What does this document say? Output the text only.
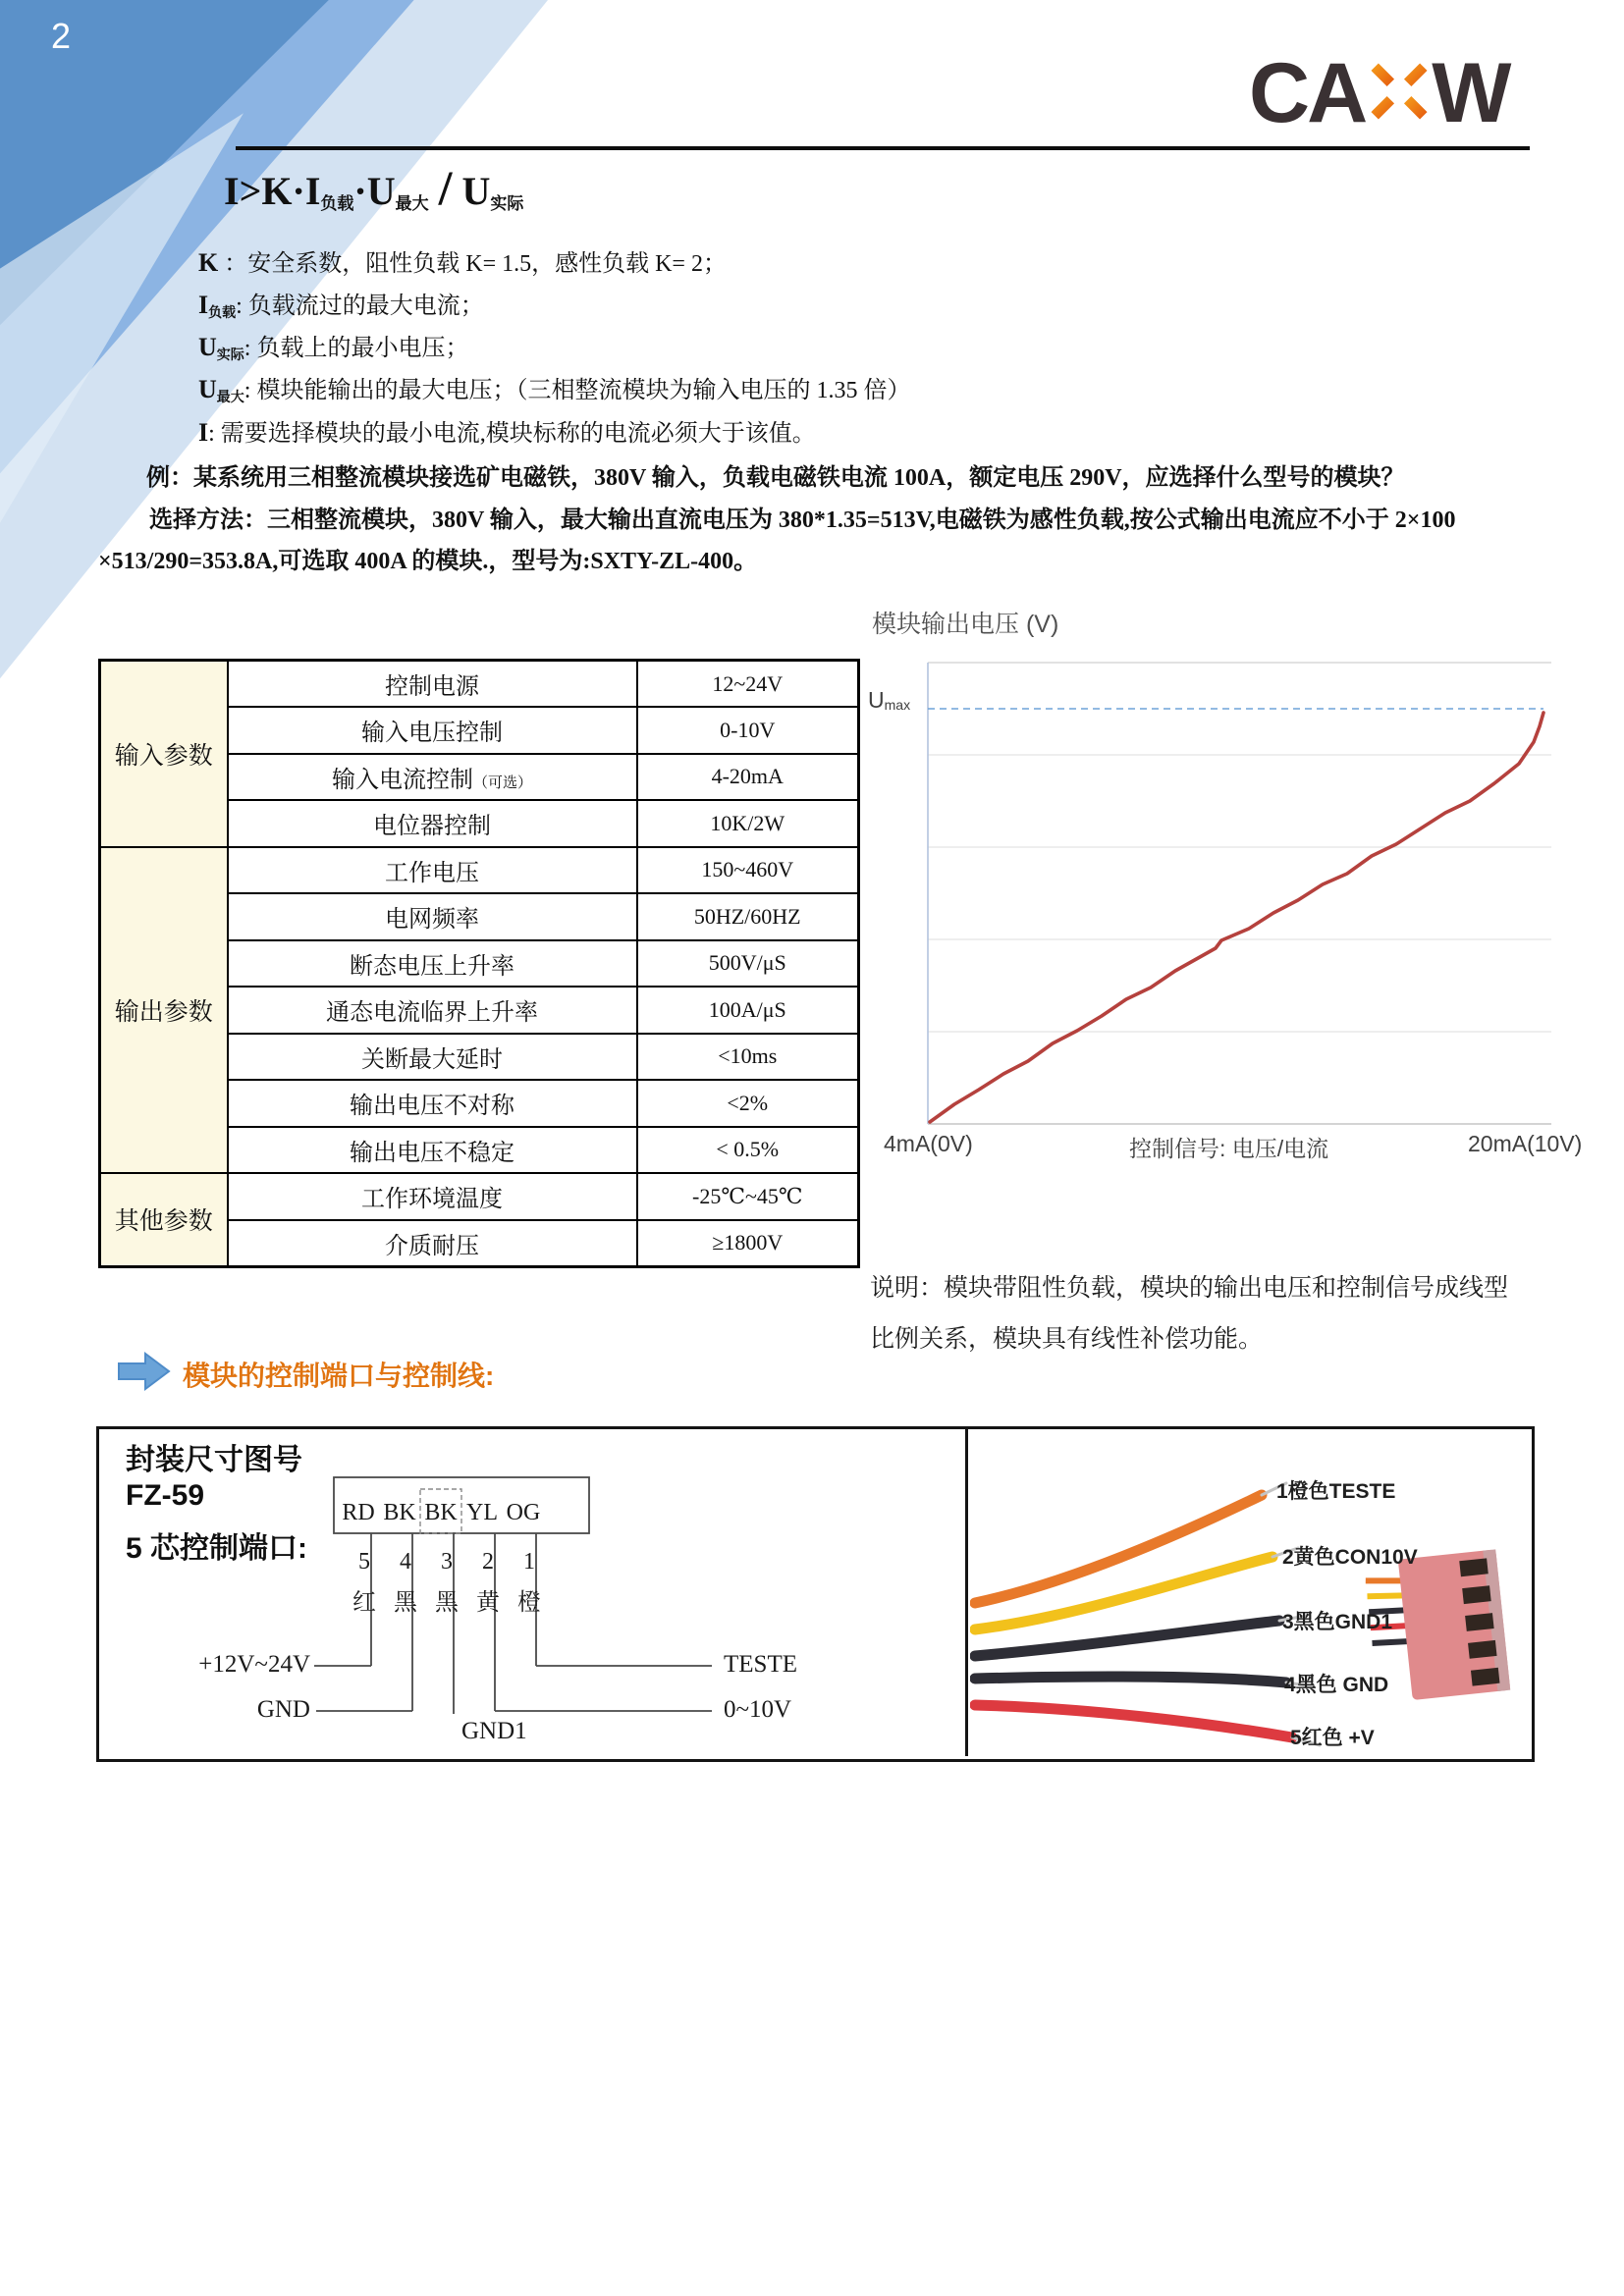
2
CA W
I>K·I负载·U最大 / U实际
K ：安全系数，阻性负载 K= 1.5，感性负载 K= 2；
I负载: 负载流过的最大电流；
U实际: 负载上的最小电压；
U最大: 模块能输出的最大电压；（三相整流模块为输入电压的 1.35 倍）
I: 需要选择模块的最小电流,模块标称的电流必须大于该值。
例：某系统用三相整流模块接选矿电磁铁，380V 输入，负载电磁铁电流 100A，额定电压 290V，应选择什么型号的模块？
选择方法：三相整流模块，380V 输入，最大输出直流电压为 380*1.35=513V,电磁铁为感性负载,按公式输出电流应不小于 2×100
×513/290=353.8A,可选取 400A 的模块.，型号为:SXTY-ZL-400。
输入参数	控制电源	12~24V
	输入电压控制	0-10V
	输入电流控制（可选）	4-20mA
	电位器控制	10K/2W
输出参数	工作电压	150~460V
	电网频率	50HZ/60HZ
	断态电压上升率	500V/μS
	通态电流临界上升率	100A/μS
	关断最大延时	<10ms
	输出电压不对称	<2%
	输出电压不稳定	< 0.5%
其他参数	工作环境温度	-25℃~45℃
	介质耐压	≥1800V
模块输出电压 (V)
Umax
4mA(0V)	控制信号: 电压/电流	20mA(10V)
说明：模块带阻性负载，模块的输出电压和控制信号成线型
比例关系，模块具有线性补偿功能。
模块的控制端口与控制线:
封装尺寸图号
FZ-59
5 芯控制端口:
RD BK BK YL OG
5	4	3	2	1
红 黑 黑 黄 橙
+12V~24V
GND
GND1
TESTE
0~10V
1橙色TESTE
2黄色CON10V
3黑色GND1
4黑色 GND
5红色 +V
